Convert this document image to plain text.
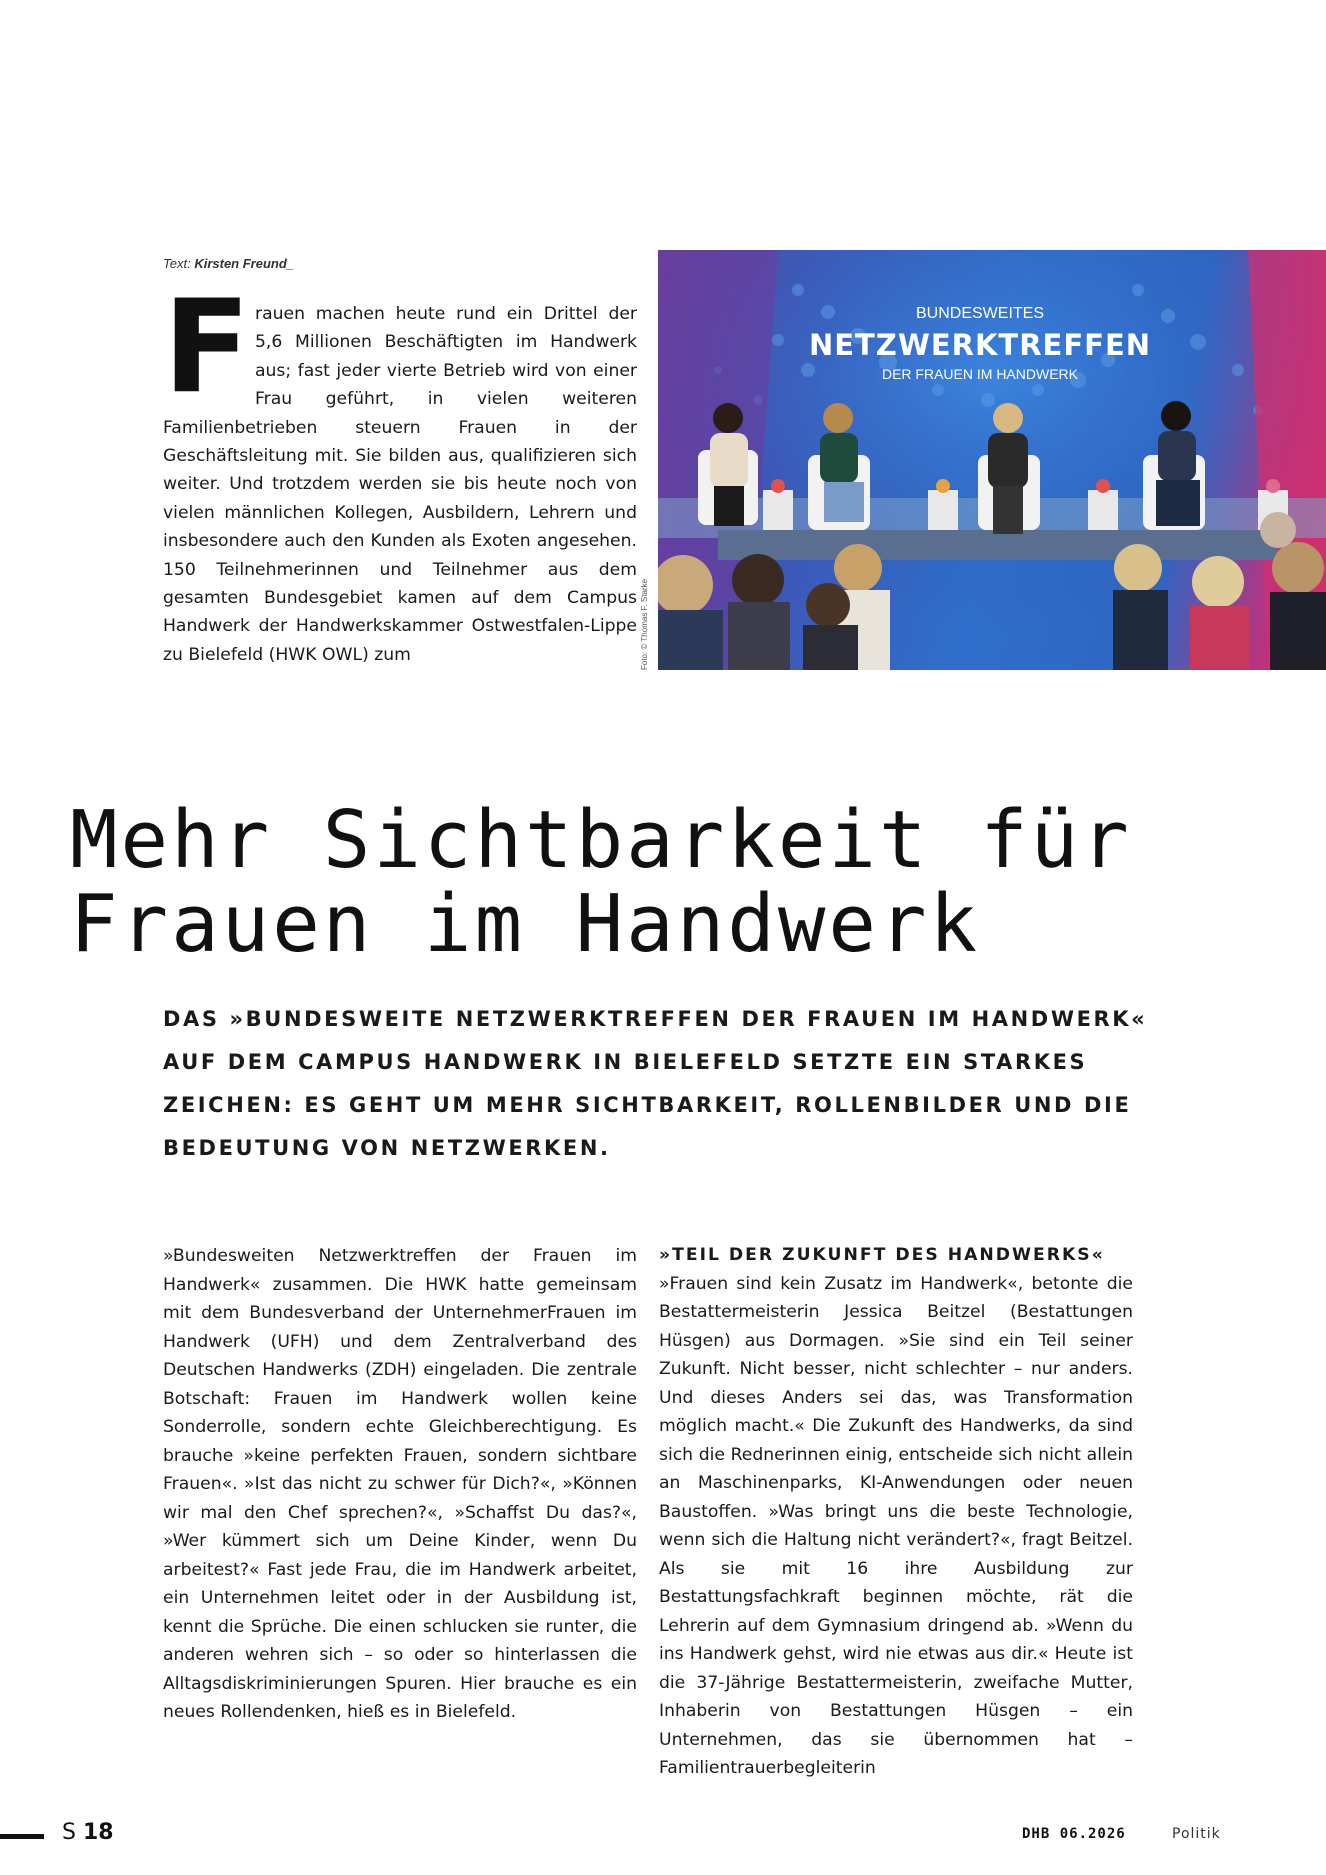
Text: Kirsten Freund_
F rauen machen heute rund ein Drittel der 5,6 Millionen Beschäftigten im Handwerk aus; fast jeder vierte Betrieb wird von einer Frau geführt, in vielen weiteren Familienbetrieben steuern Frauen in der Geschäftsleitung mit. Sie bilden aus, qualifizieren sich weiter. Und trotzdem werden sie bis heute noch von vielen männlichen Kollegen, Ausbildern, Lehrern und insbesondere auch den Kunden als Exoten angesehen. 150 Teilnehmerinnen und Teilnehmer aus dem gesamten Bundesgebiet kamen auf dem Campus Handwerk der Handwerkskammer Ostwestfalen-Lippe zu Bielefeld (HWK OWL) zum
BUNDESWEITES
NETZWERKTREFFEN
DER FRAUEN IM HANDWERK
Foto: © Thomas F. Starke
Mehr Sichtbarkeit für
Frauen im Handwerk

DAS »BUNDESWEITE NETZWERKTREFFEN DER FRAUEN IM HANDWERK« AUF DEM CAMPUS HANDWERK IN BIELEFELD SETZTE EIN STARKES ZEICHEN: ES GEHT UM MEHR SICHTBARKEIT, ROLLENBILDER UND DIE BEDEUTUNG VON NETZWERKEN.

»Bundesweiten Netzwerktreffen der Frauen im Handwerk« zusammen. Die HWK hatte gemeinsam mit dem Bundesverband der UnternehmerFrauen im Handwerk (UFH) und dem Zentralverband des Deutschen Handwerks (ZDH) eingeladen. Die zentrale Botschaft: Frauen im Handwerk wollen keine Sonderrolle, sondern echte Gleichberechtigung. Es brauche »keine perfekten Frauen, sondern sichtbare Frauen«. »Ist das nicht zu schwer für Dich?«, »Können wir mal den Chef sprechen?«, »Schaffst Du das?«, »Wer kümmert sich um Deine Kinder, wenn Du arbeitest?« Fast jede Frau, die im Handwerk arbeitet, ein Unternehmen leitet oder in der Ausbildung ist, kennt die Sprüche. Die einen schlucken sie runter, die anderen wehren sich – so oder so hinterlassen die Alltagsdiskriminierungen Spuren. Hier brauche es ein neues Rollendenken, hieß es in Bielefeld.

»TEIL DER ZUKUNFT DES HANDWERKS«

»Frauen sind kein Zusatz im Handwerk«, betonte die Bestattermeisterin Jessica Beitzel (Bestattungen Hüsgen) aus Dormagen. »Sie sind ein Teil seiner Zukunft. Nicht besser, nicht schlechter – nur anders. Und dieses Anders sei das, was Transformation möglich macht.« Die Zukunft des Handwerks, da sind sich die Rednerinnen einig, entscheide sich nicht allein an Maschinenparks, KI-Anwendungen oder neuen Baustoffen. »Was bringt uns die beste Technologie, wenn sich die Haltung nicht verändert?«, fragt Beitzel. Als sie mit 16 ihre Ausbildung zur Bestattungsfachkraft beginnen möchte, rät die Lehrerin auf dem Gymnasium dringend ab. »Wenn du ins Handwerk gehst, wird nie etwas aus dir.« Heute ist die 37-Jährige Bestattermeisterin, zweifache Mutter, Inhaberin von Bestattungen Hüsgen – ein Unternehmen, das sie übernommen hat – Familientrauerbegleiterin

S 18	DHB 06.2026	Politik
